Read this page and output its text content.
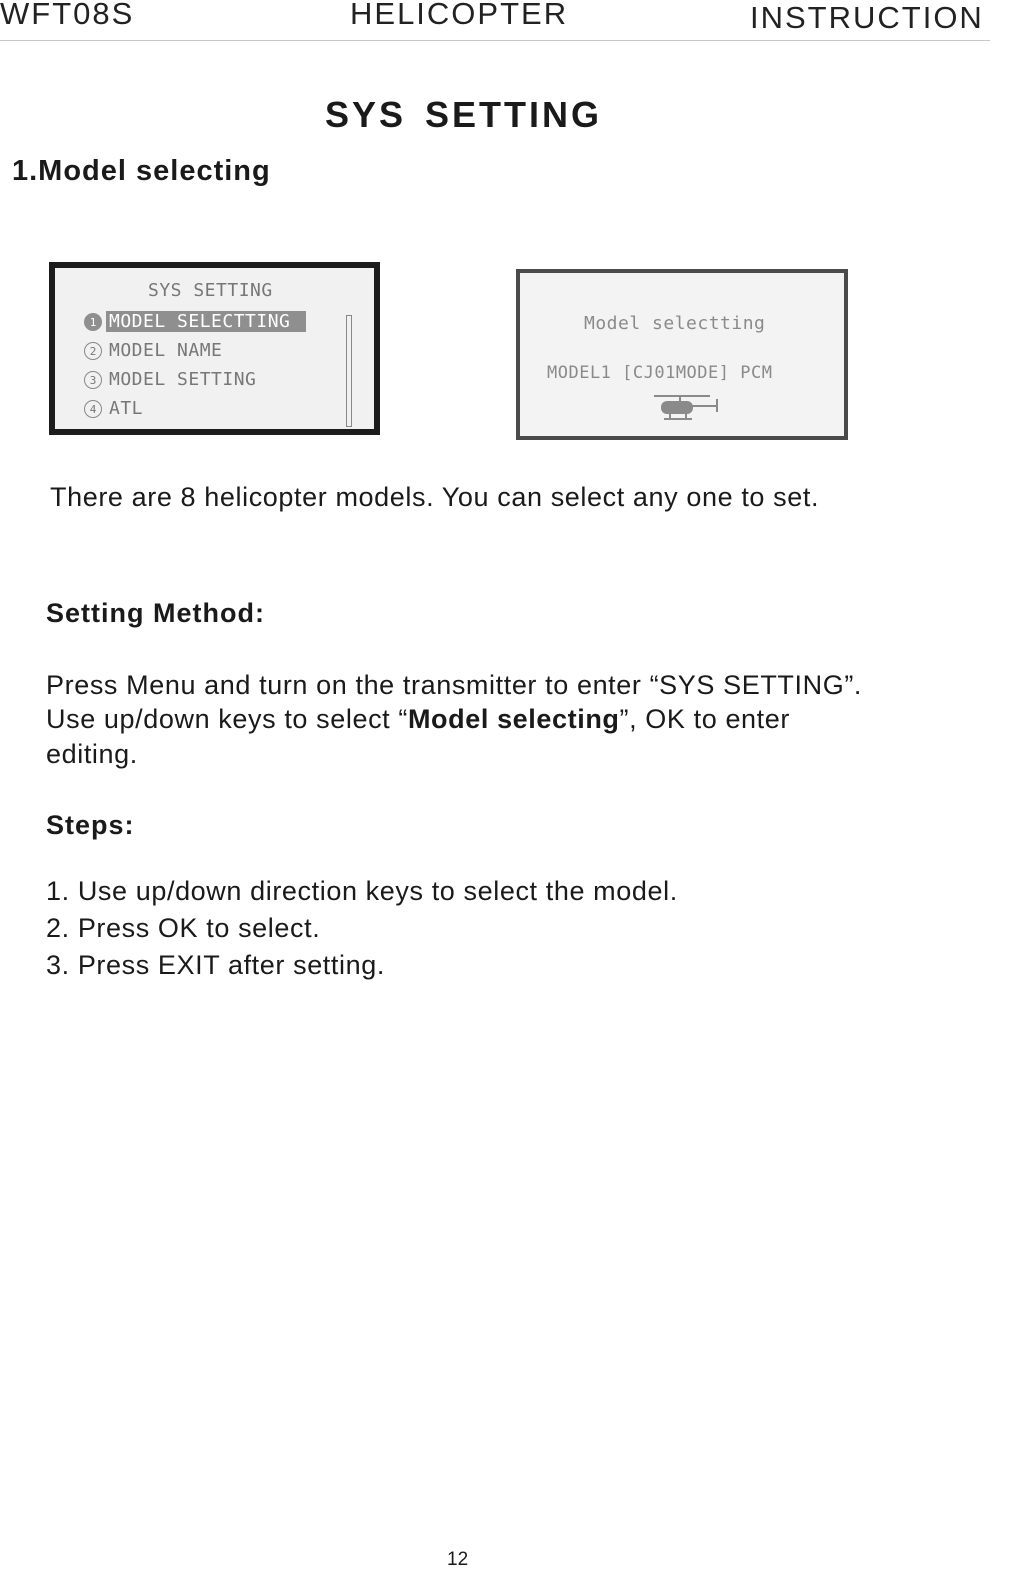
WFT08S	HELICOPTER	INSTRUCTION
SYS SETTING
1.Model selecting
SYS SETTING
1 MODEL SELECTTING
2 MODEL NAME
3 MODEL SETTING
4 ATL
Model selectting
MODEL1 [CJ01MODE] PCM
There are 8 helicopter models. You can select any one to set.
Setting Method:
Press Menu and turn on the transmitter to enter “SYS SETTING”.
Use up/down keys to select “Model selecting”, OK to enter
editing.
Steps:
1. Use up/down direction keys to select the model.
2. Press OK to select.
3. Press EXIT after setting.
12
